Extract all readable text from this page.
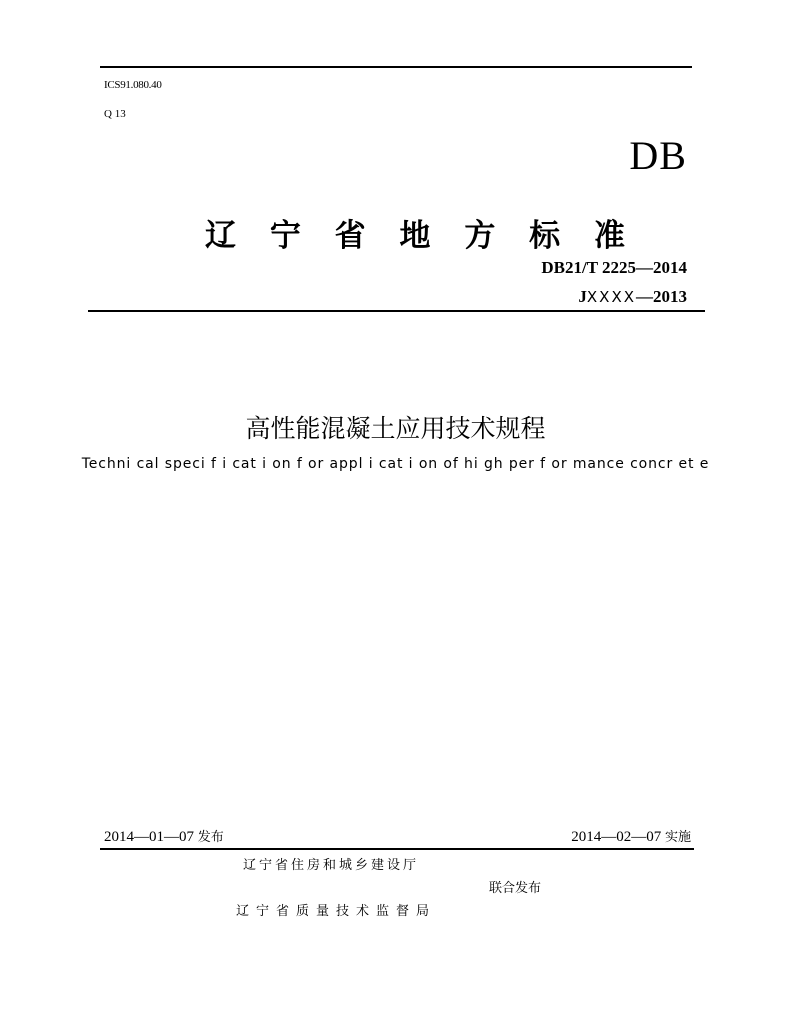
ICS91.080.40
Q 13
DB
辽 宁 省 地 方 标 准
DB21/T 2225—2014
JXXXX—2013
高性能混凝土应用技术规程
Techni cal speci f i cat i on f or appl i cat i on of hi gh per f or mance concr et e
2014—01—07 发布	2014—02—07 实施
辽宁省住房和城乡建设厅
联合发布
辽宁省质量技术监督局
